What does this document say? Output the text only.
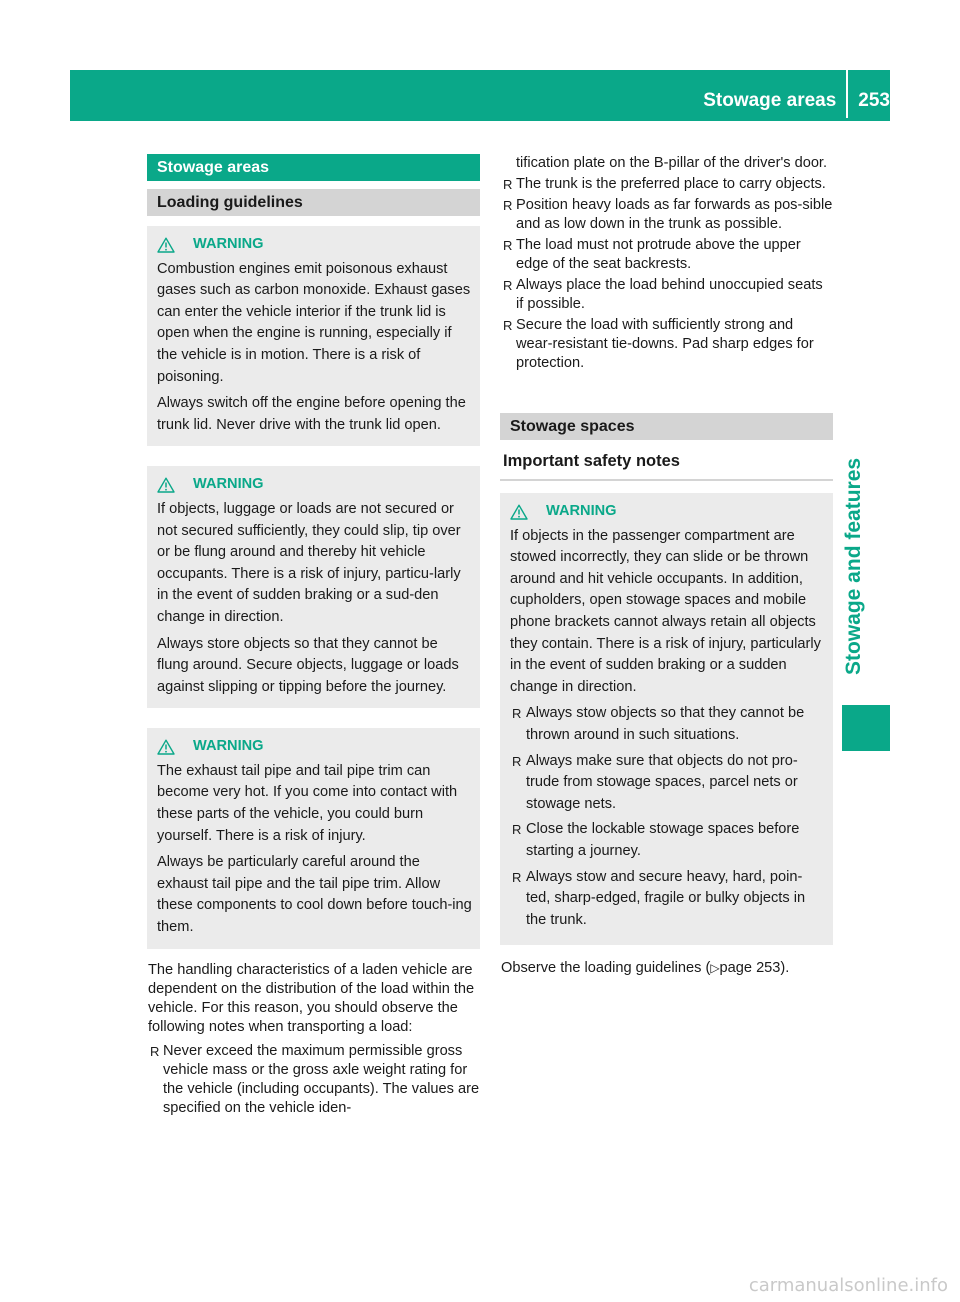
Stowage areas 253
Stowage and features
Stowage areas
Loading guidelines
WARNING

Combustion engines emit poisonous exhaust gases such as carbon monoxide. Exhaust gases can enter the vehicle interior if the trunk lid is open when the engine is running, especially if the vehicle is in motion. There is a risk of poisoning.

Always switch off the engine before opening the trunk lid. Never drive with the trunk lid open.

WARNING

If objects, luggage or loads are not secured or not secured sufficiently, they could slip, tip over or be flung around and thereby hit vehicle occupants. There is a risk of injury, particu-larly in the event of sudden braking or a sud-den change in direction.

Always store objects so that they cannot be flung around. Secure objects, luggage or loads against slipping or tipping before the journey.

WARNING

The exhaust tail pipe and tail pipe trim can become very hot. If you come into contact with these parts of the vehicle, you could burn yourself. There is a risk of injury.

Always be particularly careful around the exhaust tail pipe and the tail pipe trim. Allow these components to cool down before touch-ing them.

The handling characteristics of a laden vehicle are dependent on the distribution of the load within the vehicle. For this reason, you should observe the following notes when transporting a load:

R Never exceed the maximum permissible gross vehicle mass or the gross axle weight rating for the vehicle (including occupants). The values are specified on the vehicle iden-
tification plate on the B-pillar of the driver's door.
R The trunk is the preferred place to carry objects.
R Position heavy loads as far forwards as pos-sible and as low down in the trunk as possible.
R The load must not protrude above the upper edge of the seat backrests.
R Always place the load behind unoccupied seats if possible.
R Secure the load with sufficiently strong and wear-resistant tie-downs. Pad sharp edges for protection.
Stowage spaces
Important safety notes
WARNING

If objects in the passenger compartment are stowed incorrectly, they can slide or be thrown around and hit vehicle occupants. In addition, cupholders, open stowage spaces and mobile phone brackets cannot always retain all objects they contain. There is a risk of injury, particularly in the event of sudden braking or a sudden change in direction.

R Always stow objects so that they cannot be thrown around in such situations.
R Always make sure that objects do not pro-trude from stowage spaces, parcel nets or stowage nets.
R Close the lockable stowage spaces before starting a journey.
R Always stow and secure heavy, hard, poin-ted, sharp-edged, fragile or bulky objects in the trunk.

Observe the loading guidelines (▷page 253).

carmanualsonline.info
